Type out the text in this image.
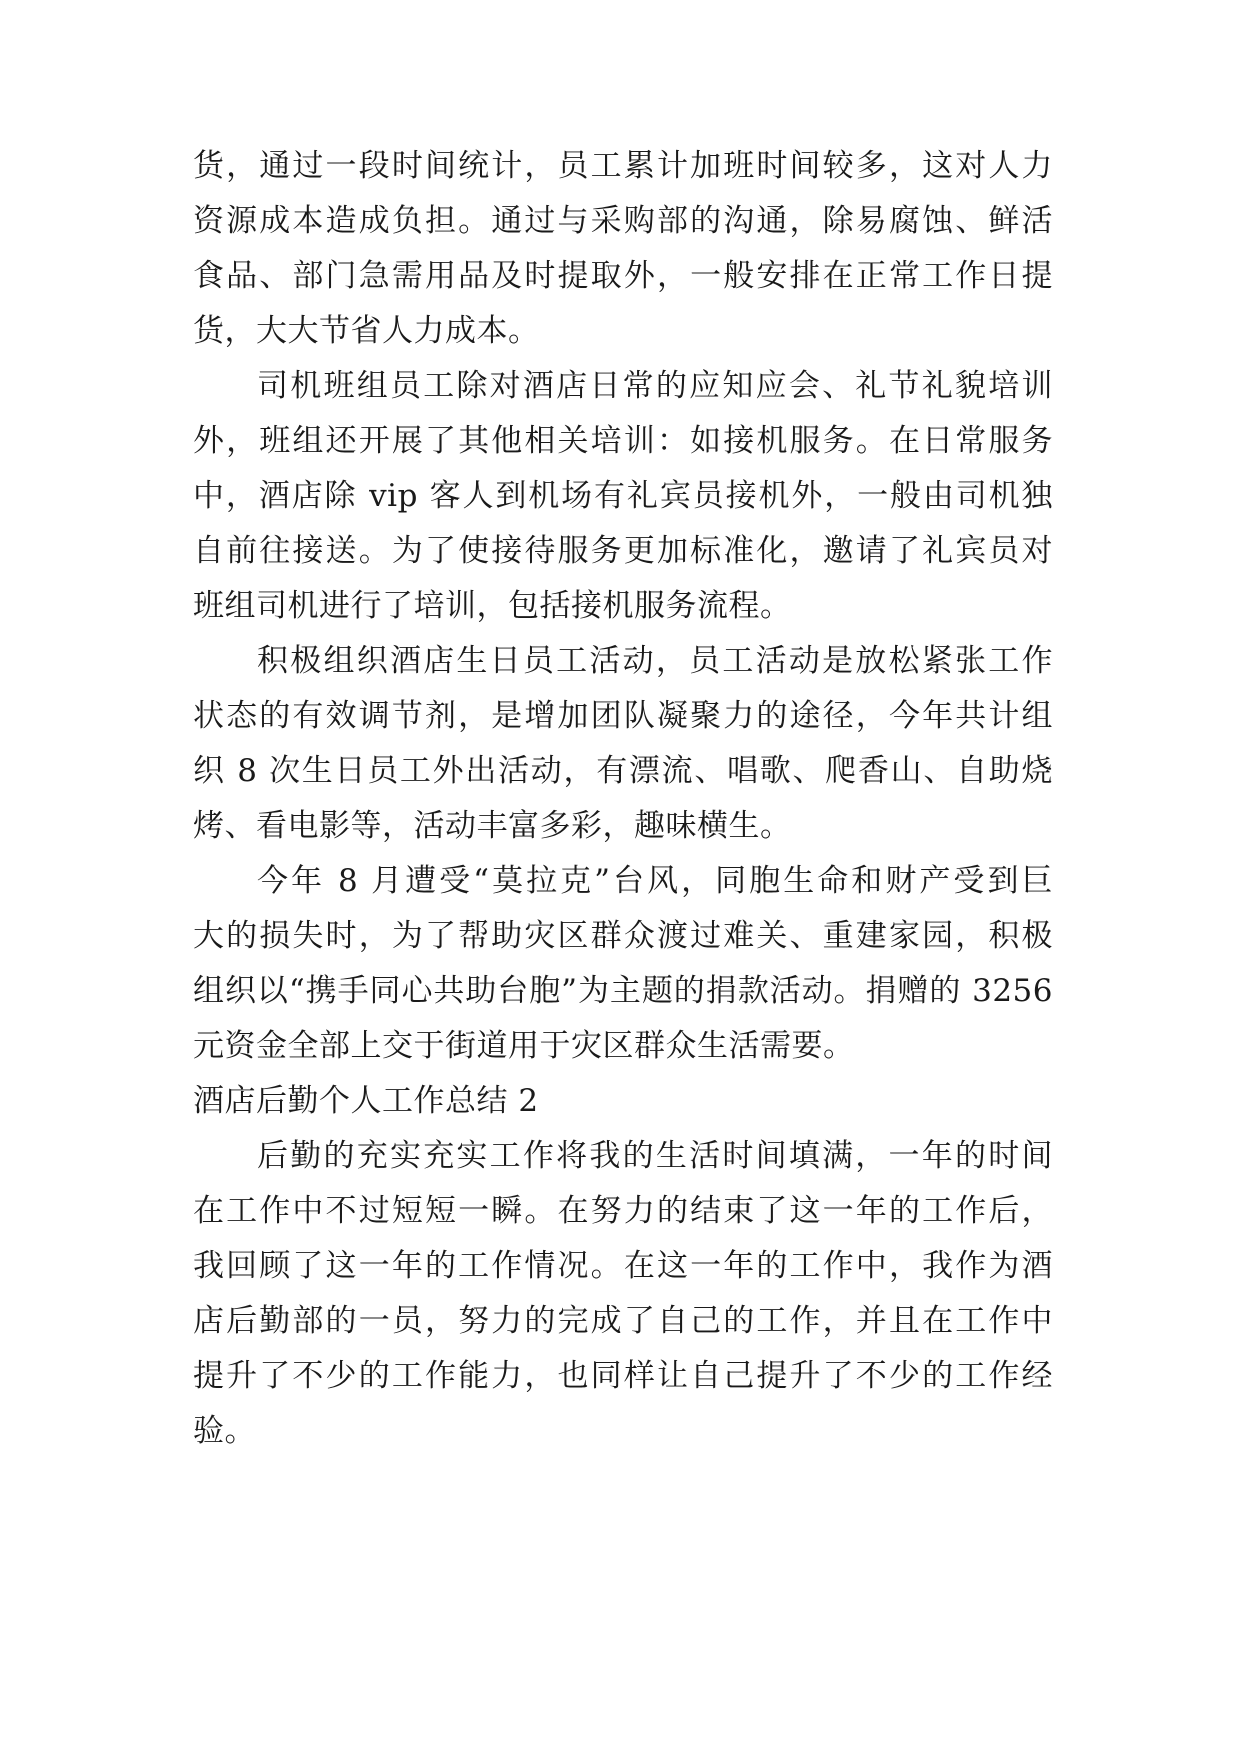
货，通过一段时间统计，员工累计加班时间较多，这对人力
资源成本造成负担。通过与采购部的沟通，除易腐蚀、鲜活
食品、部门急需用品及时提取外，一般安排在正常工作日提
货，大大节省人力成本。
司机班组员工除对酒店日常的应知应会、礼节礼貌培训
外，班组还开展了其他相关培训：如接机服务。在日常服务
中，酒店除 vip 客人到机场有礼宾员接机外，一般由司机独
自前往接送。为了使接待服务更加标准化，邀请了礼宾员对
班组司机进行了培训，包括接机服务流程。
积极组织酒店生日员工活动，员工活动是放松紧张工作
状态的有效调节剂，是增加团队凝聚力的途径，今年共计组
织 8 次生日员工外出活动，有漂流、唱歌、爬香山、自助烧
烤、看电影等，活动丰富多彩，趣味横生。
今年 8 月遭受“莫拉克”台风，同胞生命和财产受到巨
大的损失时，为了帮助灾区群众渡过难关、重建家园，积极
组织以“携手同心共助台胞”为主题的捐款活动。捐赠的 3256
元资金全部上交于街道用于灾区群众生活需要。
酒店后勤个人工作总结 2
后勤的充实充实工作将我的生活时间填满，一年的时间
在工作中不过短短一瞬。在努力的结束了这一年的工作后，
我回顾了这一年的工作情况。在这一年的工作中，我作为酒
店后勤部的一员，努力的完成了自己的工作，并且在工作中
提升了不少的工作能力，也同样让自己提升了不少的工作经
验。
